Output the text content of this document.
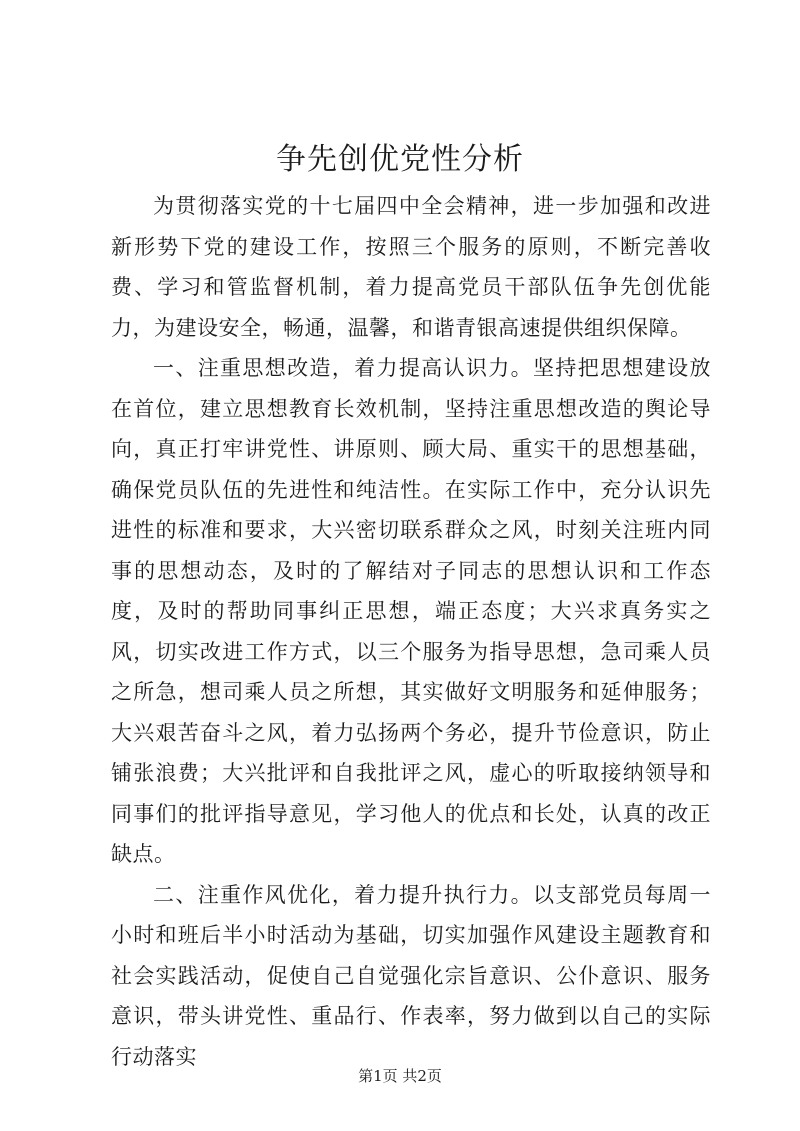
争先创优党性分析

为贯彻落实党的十七届四中全会精神，进一步加强和改进新形势下党的建设工作，按照三个服务的原则，不断完善收费、学习和管监督机制，着力提高党员干部队伍争先创优能力，为建设安全，畅通，温馨，和谐青银高速提供组织保障。

一、注重思想改造，着力提高认识力。坚持把思想建设放在首位，建立思想教育长效机制，坚持注重思想改造的舆论导向，真正打牢讲党性、讲原则、顾大局、重实干的思想基础，确保党员队伍的先进性和纯洁性。在实际工作中，充分认识先进性的标准和要求，大兴密切联系群众之风，时刻关注班内同事的思想动态，及时的了解结对子同志的思想认识和工作态度，及时的帮助同事纠正思想，端正态度；大兴求真务实之风，切实改进工作方式，以三个服务为指导思想，急司乘人员之所急，想司乘人员之所想，其实做好文明服务和延伸服务；大兴艰苦奋斗之风，着力弘扬两个务必，提升节俭意识，防止铺张浪费；大兴批评和自我批评之风，虚心的听取接纳领导和同事们的批评指导意见，学习他人的优点和长处，认真的改正缺点。

二、注重作风优化，着力提升执行力。以支部党员每周一小时和班后半小时活动为基础，切实加强作风建设主题教育和社会实践活动，促使自己自觉强化宗旨意识、公仆意识、服务意识，带头讲党性、重品行、作表率，努力做到以自己的实际行动落实

第1页 共2页
